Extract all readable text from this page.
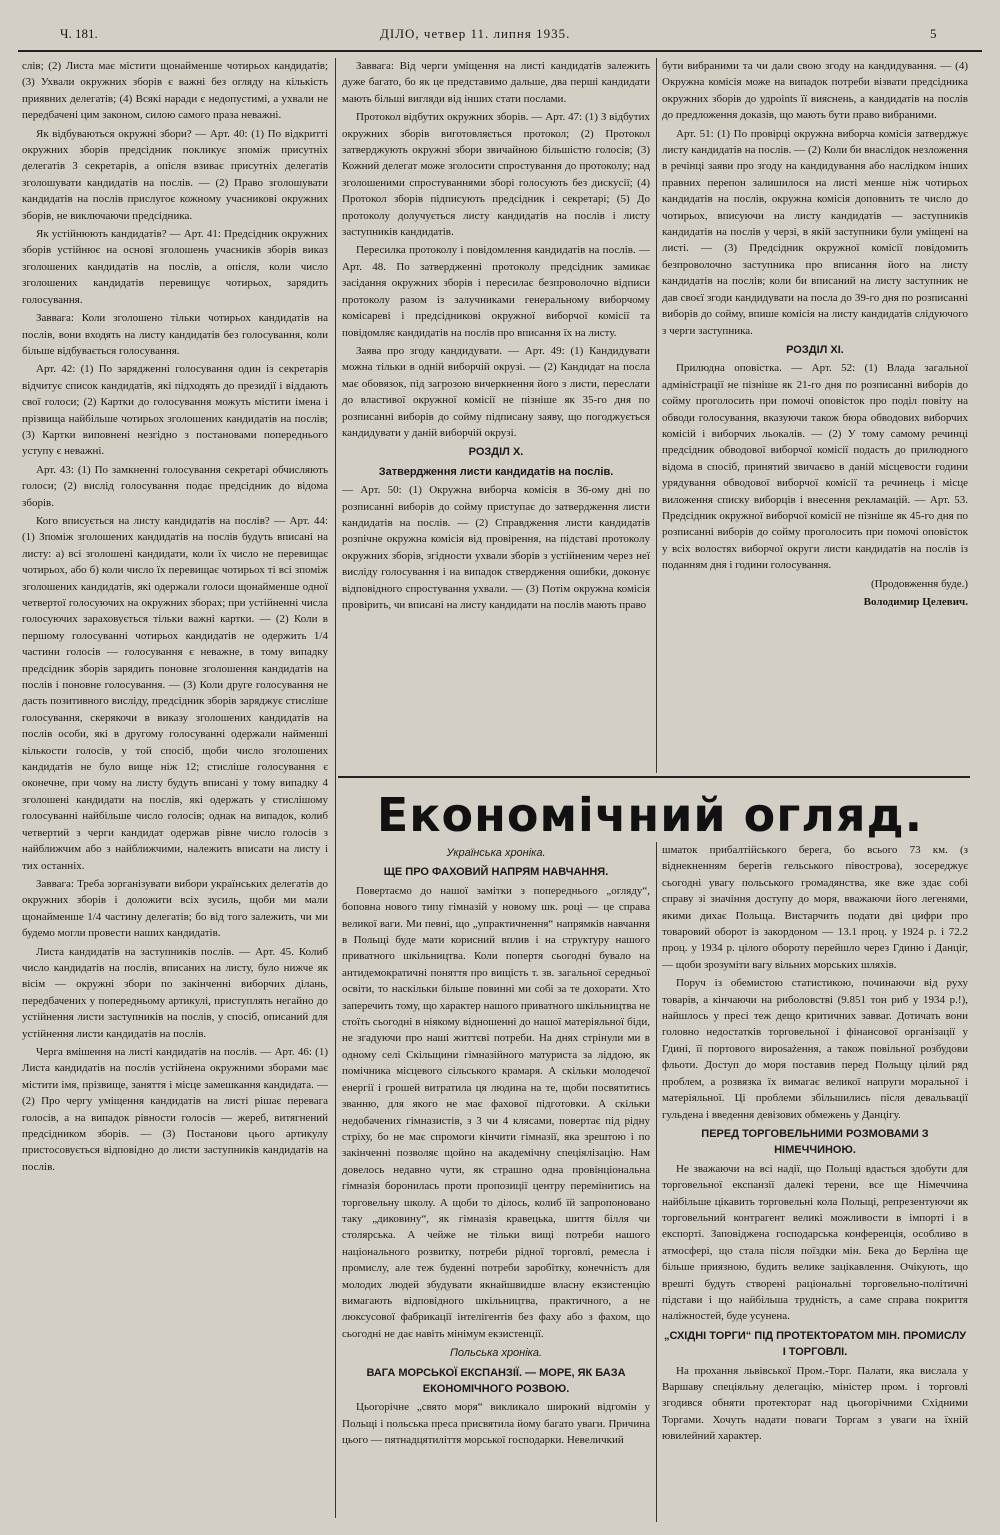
Ч. 181.	ДІЛО, четвер 11. липня 1935.	5

слів; (2) Листа має містити щонайменше чотирьох кандидатів; (3) Ухвали окружних зборів є важні без огляду на кількість приявних делегатів; (4) Всякі наради є недопустимі, а ухвали не передбачені цим законом, силою самого праза неважні.

Як відбуваються окружні збори? — Арт. 40: (1) По відкритті окружних зборів предсідник покликує зпоміж присутніх делегатів 3 секретарів, а опісля взиває присутніх делегатів зголошувати кандидатів на послів. — (2) Право зголошувати кандидатів на послів прислугоє кожному учасникові окружних зборів, не виключаючи предсідника.

Як устійнюють кандидатів? — Арт. 41: Предсідник окружних зборів устійнює на основі зголошень учасників зборів виказ зголошених кандидатів на послів, а опісля, коли число зголошених кандидатів перевищує чотирьох, зарядить голосування.

Заввага: Коли зголошено тільки чотирьох кандидатів на послів, вони входять на листу кандидатів без голосування, коли більше відбувається голосування.

Арт. 42: (1) По зарядженні голосування один із секретарів відчитує список кандидатів, які підходять до президії і віддають свої голоси; (2) Картки до голосування можуть містити імена і прізвища найбільше чотирьох зголошених кандидатів на послів; (3) Картки виповнені незгідно з постановами попереднього уступу є неважні.

Арт. 43: (1) По замкненні голосування секретарі обчисляють голоси; (2) вислід голосування подає предсідник до відома зборів.

Кого вписується на листу кандидатів на послів? — Арт. 44: (1) Зпоміж зголошених кандидатів на послів будуть вписані на листу: а) всі зголошені кандидати, коли їх число не перевищає чотирьох, або б) коли число їх перевищає чотирьох ті всі зпоміж зголошених кандидатів, які одержали голоси щонайменше одної четвертої голосуючих на окружних зборах; при устійненні числа голосуючих зараховується тільки важні картки. — (2) Коли в першому голосуванні чотирьох кандидатів не одержить 1/4 частини голосів — голосування є неважне, в тому випадку предсідник зборів зарядить поновне зголошення кандидатів на послів і поновне голосування. — (3) Коли друге голосування не дасть позитивного висліду, предсідник зборів заряджує стисліше голосування, скерякочи в виказу зголошених кандидатів на послів особи, які в другому голосуванні одержали найменші кількости голосів, у той спосіб, щоби число зголошених кандидатів не було вище ніж 12; стисліше голосування є оконечне, при чому на листу будуть вписані у тому випадку 4 зголошені кандидати на послів, які одержать у стислішому голосуванні найбільше число голосів; однак на випадок, колиб четвертий з черги кандидат одержав рівне число голосів з найближчим або з найближчими, належить вписати на листу і тих останніх.

Заввага: Треба зорганізувати вибори українських делегатів до окружних зборів і доложити всіх зусиль, щоби ми мали щонайменше 1/4 частину делегатів; бо від того залежить, чи ми будемо могли провести наших кандидатів.

Листа кандидатів на заступників послів. — Арт. 45. Колиб число кандидатів на послів, вписаних на листу, було нижче як вісім — окружні збори по закінченні виборчих ділань, передбачених у попередньому артикулі, приступлять негайно до устійнення листи заступників на послів, у спосіб, описаний для устійнення листи кандидатів на послів.

Черга вмішення на листі кандидатів на послів. — Арт. 46: (1) Листа кандидатів на послів устійнена окружними зборами має містити імя, прізвище, заняття і місце замешкання кандидата. — (2) Про чергу уміщення кандидатів на листі рішає перевага голосів, а на випадок рівности голосів — жереб, витягнений предсідником зборів. — (3) Постанови цього артикулу пристосовується відповідно до листи заступників кандидатів на послів.

Заввага: Від черги уміщення на листі кандидатів залежить дуже багато, бо як це представимо дальше, два перші кандидати мають більші вигляди від інших стати послами.

Протокол відбутих окружних зборів. — Арт. 47: (1) З відбутих окружних зборів виготовляється протокол; (2) Протокол затверджують окружні збори звичайною більшістю голосів; (3) Кожний делегат може зголосити спростування до протоколу; над зголошеними спростуваннями зборі голосують без дискусії; (4) Протокол зборів підписують предсідник і секретарі; (5) До протоколу долучується листу кандидатів на послів і листу заступників кандидатів.

Пересилка протоколу і повідомлення кандидатів на послів. — Арт. 48. По затвердженні протоколу предсідник замикає засідання окружних зборів і пересилає безпроволочно відписи протоколу разом із залучниками генеральному виборчому комісареві і предсідникові окружної виборчої комісії та повідомляє кандидатів на послів про вписання їх на листу.

Заява про згоду кандидувати. — Арт. 49: (1) Кандидувати можна тільки в одній виборчій окрузі. — (2) Кандидат на посла має обовязок, під загрозою вичеркнення його з листи, переслати до властивої окружної комісії не пізніше як 35-го дня по розписанні виборів до сойму підписану заяву, що погоджується кандидувати у даній виборчій окрузі.

РОЗДІЛ Х.
Затвердження листи кандидатів на послів.

— Арт. 50: (1) Окружна виборча комісія в 36-ому дні по розписанні виборів до сойму приступає до затвердження листи кандидатів на послів. — (2) Справдження листи кандидатів розпічне окружна комісія від провірення, на підставі протоколу окружних зборів, згідности ухвали зборів з устійненим через неї висліду голосування і на випадок ствердження ошибки, доконує відповідного спростування ухвали. — (3) Потім окружна комісія провірить, чи вписані на листу кандидати на послів мають право

бути вибраними та чи дали свою згоду на кандидування. — (4) Окружна комісія може на випадок потреби візвати предсідника окружних зборів до удpoints її вияснень, а кандидатів на послів до предложення доказів, що мають бути право вибраними.

Арт. 51: (1) По провірці окружна виборча комісія затверджує листу кандидатів на послів. — (2) Коли би внаслідок незложення в речінці заяви про згоду на кандидування або наслідком інших правних перепон залишилося на листі менше ніж чотирьох кандидатів на послів, окружна комісія доповнить те число до чотирьох, вписуючи на листу кандидатів — заступників кандидатів на послів у черзі, в якій заступники були уміщені на листі. — (3) Предсідник окружної комісії повідомить безпроволочно заступника про вписання його на листу кандидатів на послів; коли би вписаний на листу заступник не дав своєї згоди кандидувати на посла до 39-го дня по розписанні виборів до сойму, впише комісія на листу кандидатів слідуючого з черги заступника.

РОЗДІЛ XI.

Прилюдна оповістка. — Арт. 52: (1) Влада загальної адміністрації не пізніше як 21-го дня по розписанні виборів до сойму проголосить при помочі оповісток про поділ повіту на обводи голосування, вказуючи також бюра обводових виборчих комісій і виборчих льокалів. — (2) У тому самому речинці предсідник обводової виборчої комісії подасть до прилюдного відома в спосіб, принятий звичаєво в даній місцевости години урядування обводової виборчої комісії та речинець і місце виложення списку виборців і внесення рекламацій. — Арт. 53. Предсідник окружної виборчої комісії не пізніше як 45-го дня по розписанні виборів до сойму проголосить при помочі оповісток у всіх волостях виборчої округи листи кандидатів на послів із поданням дня і години голосування.

(Продовження буде.)

Володимир Целевич.

Економічний огляд.
Українська хроніка.
ЩЕ ПРО ФАХОВИЙ НАПРЯМ НАВЧАННЯ.

Повертаємо до нашої замітки з попереднього „огляду“, боповна нового типу гімназій у новому шк. році — це справа великої ваги. Ми певні, що „упрактичнення“ напрямків навчання в Польщі буде мати корисний вплив і на структуру нашого приватного шкільництва. Коли попертя сьогодні бувало на антидемократичні поняття про вищість т. зв. загальної середньої освіти, то наскільки більше повинні ми собі за те дохорати. Хто заперечить тому, що характер нашого приватного шкільництва не стоїть сьогодні в ніякому відношенні до нашої матеріяльної біди, не згадуючи про наші життєві потреби. На днях стрінули ми в одному селі Скільщини гімназійного матуриста за ліддою, як помічника місцевого сільського крамаря. А скільки молодечої енергії і грошей витратила ця людина на те, щоби посвятитись званню, для якого не має фахової підготовки. А скільки недобачених гімназистів, з 3 чи 4 клясами, повертає під рідну стріху, бо не має спромоги кінчити гімназії, яка зрештою і по закінченні позволяє щойно на академічну спеціялізацію. Нам довелось недавно чути, як страшно одна провінціональна гімназія боронилась проти пропозиції центру перемінитись на торговельну школу. А щоби то ділось, колиб їй запропоновано таку „диковину“, як гімназія кравецька, шиття білля чи столярська. А чейже не тільки вищі потреби нашого національного розвитку, потреби рідної торговлі, ремесла і промислу, але теж буденні потреби заробітку, конечність для молодих людей збудувати якнайшвидше власну екзистенцію вимагають відповідного шкільництва, практичного, а не люксусової фабрикації інтелігентів без фаху або з фахом, що сьогодні не дає навіть мінімум екзистенції.

Польська хроніка.
ВАГА МОРСЬКОЇ ЕКСПАНЗІЇ. — МОРЕ, ЯК БАЗА ЕКОНОМІЧНОГО РОЗВОЮ.

Цьогорічне „свято моря“ викликало широкий відгомін у Польщі і польська преса присвятила йому багато уваги. Причина цього — пятнадцятиліття морської господарки. Невеличкий

шматок прибалтійського берега, бо всього 73 км. (з віднекненням берегів гельського півострова), зосереджує сьогодні увагу польського громадянства, яке вже здає собі справу зі значіння доступу до моря, вважаючи його легенями, якими дихає Польща. Вистарчить подати дві цифри про товаровий оборот із закордоном — 13.1 проц. у 1924 р. і 72.2 проц. у 1934 р. цілого обороту перейшло через Гдиню і Данціг, — щоби зрозуміти вагу вільних морських шляхів.

Поруч із обемистою статистикою, починаючи від руху товарів, а кінчаючи на риболовстві (9.851 тон риб у 1934 р.!), найшлось у пресі теж дещо критичних завваг. Дотичать вони головно недостатків торговельної і фінансової організації у Гдині, її портового виposażення, а також повільної розбудови фльоти. Доступ до моря поставив перед Польщу цілий ряд проблем, а розвязка їх вимагає великої напруги моральної і матеріяльної. Ці проблеми збільшились після девальвації гульдена і введення девізових обмежень у Данцігу.

ПЕРЕД ТОРГОВЕЛЬНИМИ РОЗМОВАМИ З НІМЕЧЧИНОЮ.

Не зважаючи на всі надії, що Польщі вдасться здобути для торговельної експанзії далекі терени, все ще Німеччина найбільше цікавить торговельні кола Польщі, репрезентуючи як торговельний контрагент великі можливости в імпорті і в експорті. Заповіджена господарська конференція, особливо в атмосфері, що стала після поїздки мін. Бека до Берліна ще більше приязною, будить велике зацікавлення. Очікують, що врешті будуть створені раціональні торговельно-політичні підстави і що найбільша трудність, а саме справа покриття наліжностей, буде усунена.

„СХІДНІ ТОРГИ“ ПІД ПРОТЕКТОРАТОМ МІН. ПРОМИСЛУ І ТОРГОВЛІ.

На прохання львівської Пром.-Торг. Палати, яка вислала у Варшаву спеціяльну делегацію, міністер пром. і торговлі згодився обняти протекторат над цьогорічними Східними Торгами. Хочуть надати поваги Торгам з уваги на їхній ювилейний характер.
